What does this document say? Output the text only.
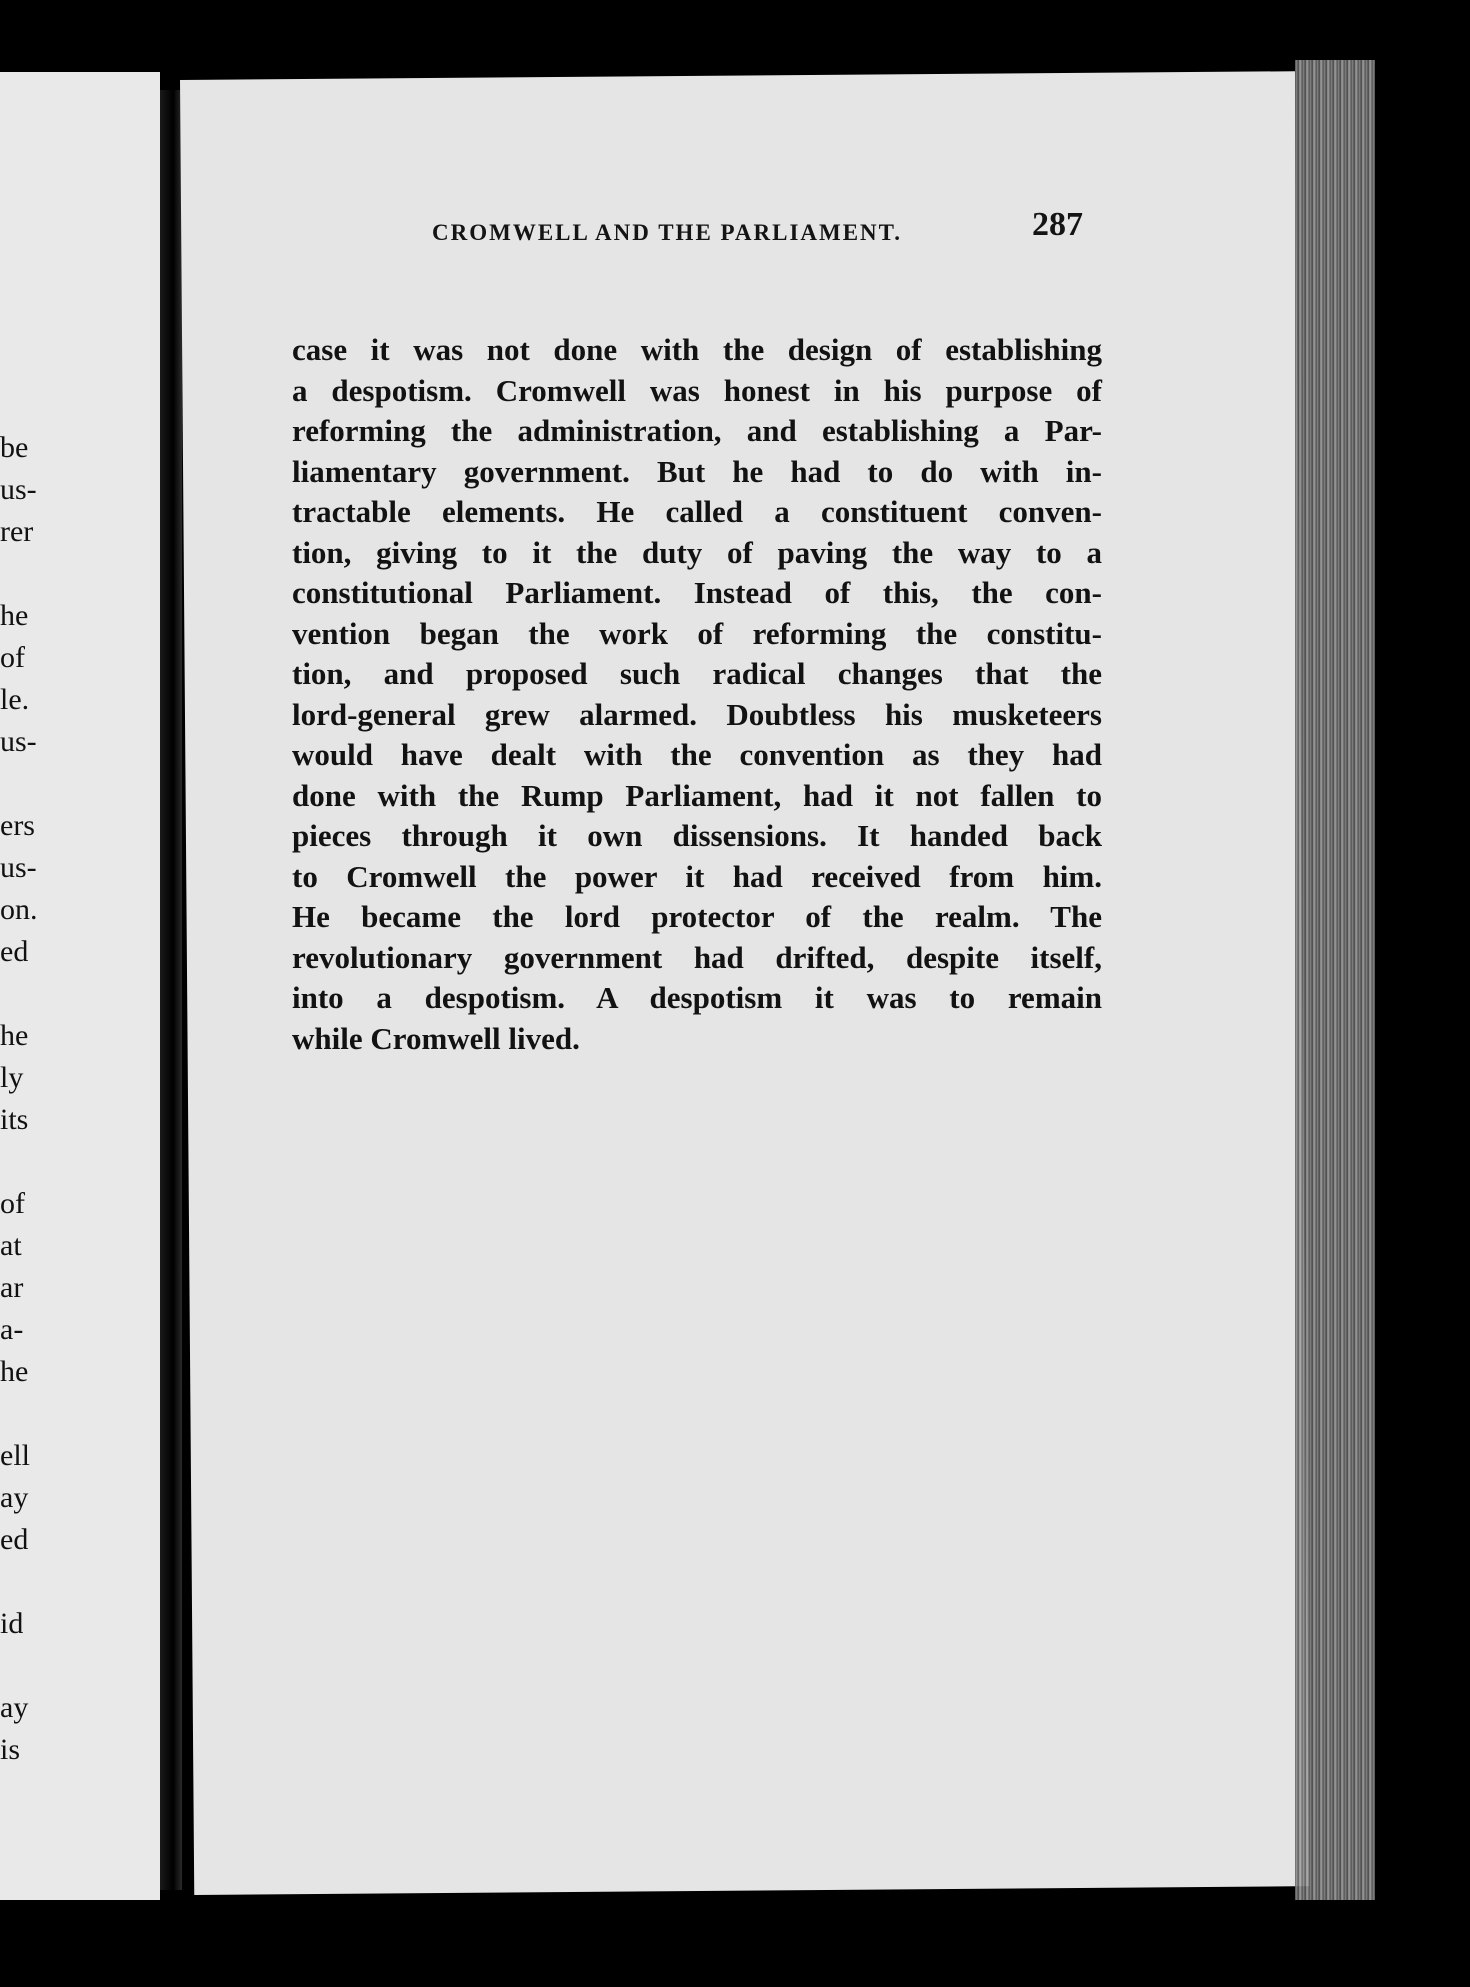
be
us-
rer
he
of
le.
us-
ers
us-
on.
ed
he
ly
its
of
at
ar
a-
he
ell
ay
ed
id
ay
is
CROMWELL AND THE PARLIAMENT.	287
case it was not done with the design of establishing
a despotism. Cromwell was honest in his purpose of
reforming the administration, and establishing a Par-
liamentary government. But he had to do with in-
tractable elements. He called a constituent conven-
tion, giving to it the duty of paving the way to a
constitutional Parliament. Instead of this, the con-
vention began the work of reforming the constitu-
tion, and proposed such radical changes that the
lord-general grew alarmed. Doubtless his musketeers
would have dealt with the convention as they had
done with the Rump Parliament, had it not fallen to
pieces through it own dissensions. It handed back
to Cromwell the power it had received from him.
He became the lord protector of the realm. The
revolutionary government had drifted, despite itself,
into a despotism. A despotism it was to remain
while Cromwell lived.
